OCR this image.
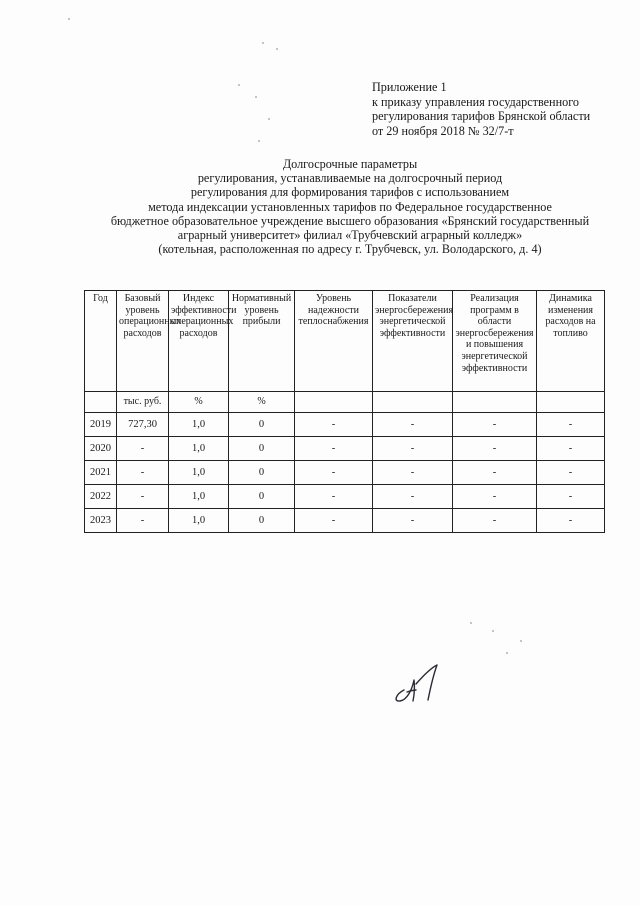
Приложение 1
к приказу управления государственного
регулирования тарифов Брянской области
от 29 ноября 2018 № 32/7-т
Долгосрочные параметры
регулирования, устанавливаемые на долгосрочный период
регулирования для формирования тарифов с использованием
метода индексации установленных тарифов по Федеральное государственное
бюджетное образовательное учреждение высшего образования «Брянский государственный
аграрный университет» филиал «Трубчевский аграрный колледж»
(котельная, расположенная по адресу г. Трубчевск, ул. Володарского, д. 4)
Год	Базовый уровень операционных расходов	Индекс эффективности операционных расходов	Нормативный уровень прибыли	Уровень надежности теплоснабжения	Показатели энергосбережения энергетической эффективности	Реализация программ в области энергосбережения и повышения энергетической эффективности	Динамика изменения расходов на топливо
	тыс. руб.	%	%				
2019	727,30	1,0	0	-	-	-	-
2020	-	1,0	0	-	-	-	-
2021	-	1,0	0	-	-	-	-
2022	-	1,0	0	-	-	-	-
2023	-	1,0	0	-	-	-	-
